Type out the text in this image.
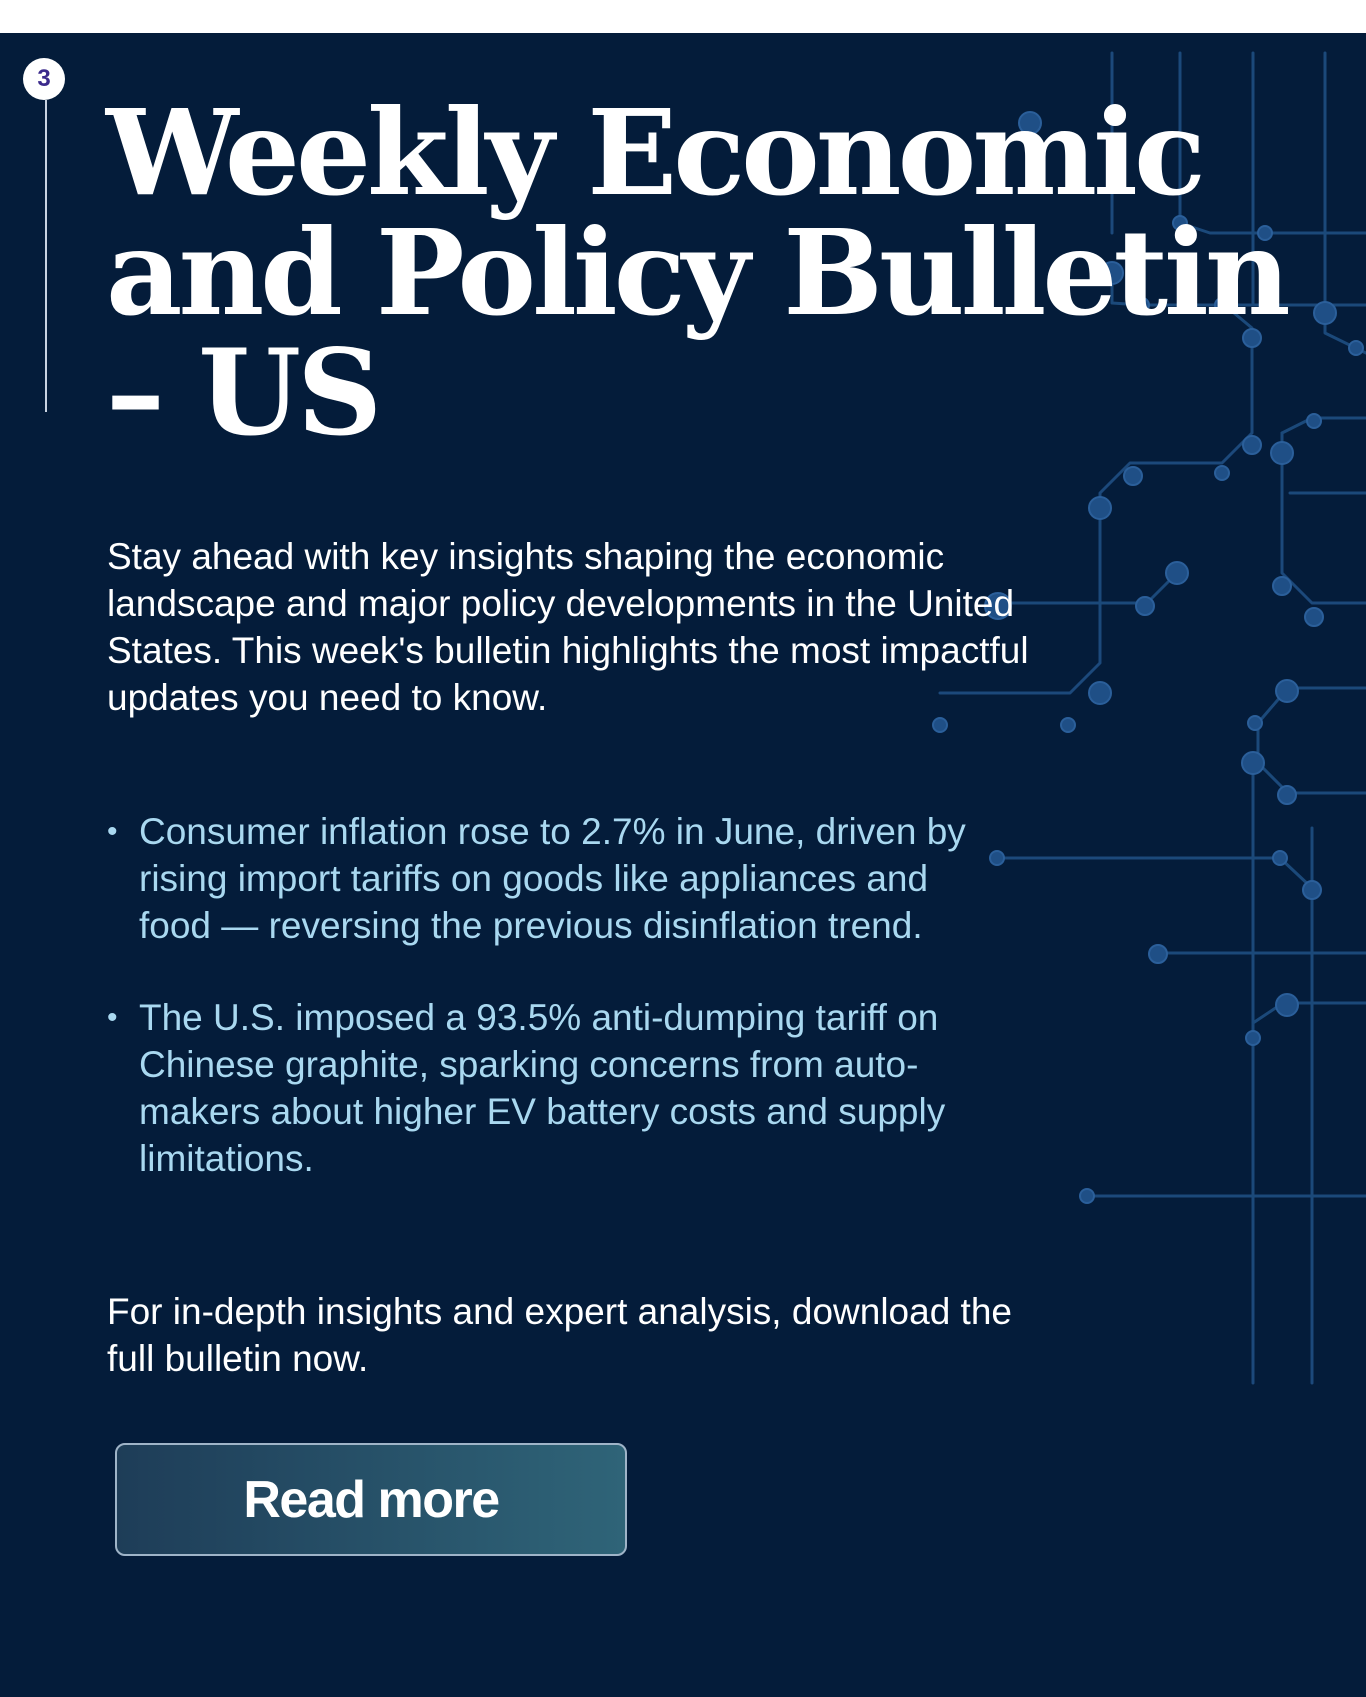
3
Weekly Economic and Policy Bulletin – US

Stay ahead with key insights shaping the economic landscape and major policy developments in the United States. This week's bulletin highlights the most impactful updates you need to know.

• Consumer inflation rose to 2.7% in June, driven by rising import tariffs on goods like appliances and food — reversing the previous disinflation trend.
• The U.S. imposed a 93.5% anti-dumping tariff on Chinese graphite, sparking concerns from auto-makers about higher EV battery costs and supply limitations.

For in-depth insights and expert analysis, download the full bulletin now.

Read more
